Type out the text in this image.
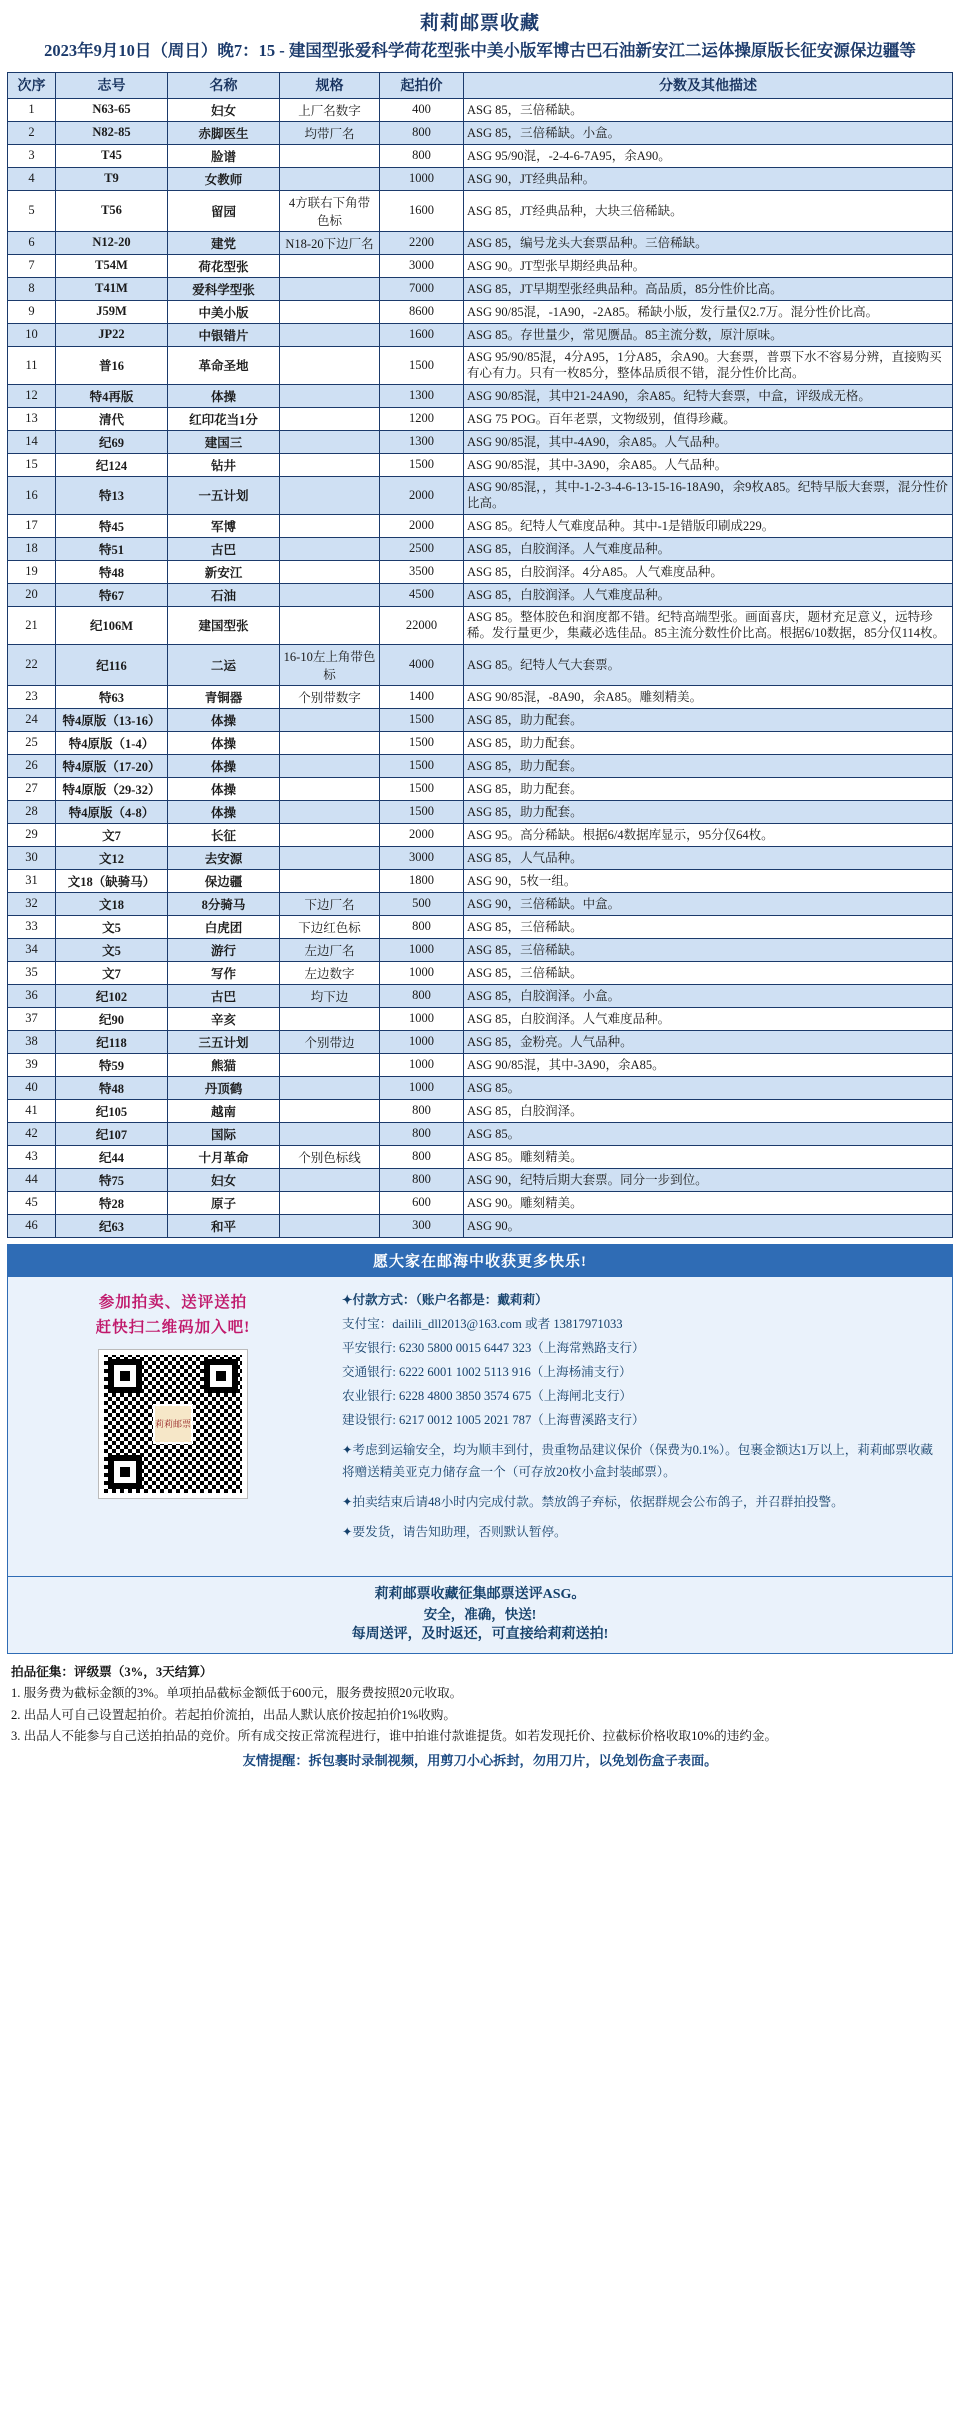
莉莉邮票收藏
2023年9月10日（周日）晚7：15 - 建国型张爱科学荷花型张中美小版军博古巴石油新安江二运体操原版长征安源保边疆等
次序	志号	名称	规格	起拍价	分数及其他描述
1	N63-65	妇女	上厂名数字	400	ASG 85，三倍稀缺。
2	N82-85	赤脚医生	均带厂名	800	ASG 85，三倍稀缺。小盒。
3	T45	脸谱		800	ASG 95/90混，-2-4-6-7A95，余A90。
4	T9	女教师		1000	ASG 90，JT经典品种。
5	T56	留园	4方联右下角带色标	1600	ASG 85，JT经典品种，大块三倍稀缺。
6	N12-20	建党	N18-20下边厂名	2200	ASG 85，编号龙头大套票品种。三倍稀缺。
7	T54M	荷花型张		3000	ASG 90。JT型张早期经典品种。
8	T41M	爱科学型张		7000	ASG 85，JT早期型张经典品种。高品质，85分性价比高。
9	J59M	中美小版		8600	ASG 90/85混，-1A90，-2A85。稀缺小版，发行量仅2.7万。混分性价比高。
10	JP22	中银错片		1600	ASG 85。存世量少，常见赝品。85主流分数，原汁原味。
11	普16	革命圣地		1500	ASG 95/90/85混，4分A95，1分A85，余A90。大套票，普票下水不容易分辨，直接购买有心有力。只有一枚85分，整体品质很不错，混分性价比高。
12	特4再版	体操		1300	ASG 90/85混，其中21-24A90，余A85。纪特大套票，中盒，评级成无格。
13	清代	红印花当1分		1200	ASG 75 POG。百年老票，文物级别，值得珍藏。
14	纪69	建国三		1300	ASG 90/85混，其中-4A90，余A85。人气品种。
15	纪124	钻井		1500	ASG 90/85混，其中-3A90，余A85。人气品种。
16	特13	一五计划		2000	ASG 90/85混，，其中-1-2-3-4-6-13-15-16-18A90，余9枚A85。纪特早版大套票，混分性价比高。
17	特45	军博		2000	ASG 85。纪特人气难度品种。其中-1是错版印刷成229。
18	特51	古巴		2500	ASG 85，白胶润泽。人气难度品种。
19	特48	新安江		3500	ASG 85，白胶润泽。4分A85。人气难度品种。
20	特67	石油		4500	ASG 85，白胶润泽。人气难度品种。
21	纪106M	建国型张		22000	ASG 85。整体胶色和润度都不错。纪特高端型张。画面喜庆，题材充足意义，远特珍稀。发行量更少，集藏必选佳品。85主流分数性价比高。根据6/10数据，85分仅114枚。
22	纪116	二运	16-10左上角带色标	4000	ASG 85。纪特人气大套票。
23	特63	青铜器	个别带数字	1400	ASG 90/85混，-8A90，余A85。雕刻精美。
24	特4原版（13-16）	体操		1500	ASG 85，助力配套。
25	特4原版（1-4）	体操		1500	ASG 85，助力配套。
26	特4原版（17-20）	体操		1500	ASG 85，助力配套。
27	特4原版（29-32）	体操		1500	ASG 85，助力配套。
28	特4原版（4-8）	体操		1500	ASG 85，助力配套。
29	文7	长征		2000	ASG 95。高分稀缺。根据6/4数据库显示，95分仅64枚。
30	文12	去安源		3000	ASG 85，人气品种。
31	文18（缺骑马）	保边疆		1800	ASG 90，5枚一组。
32	文18	8分骑马	下边厂名	500	ASG 90，三倍稀缺。中盒。
33	文5	白虎团	下边红色标	800	ASG 85，三倍稀缺。
34	文5	游行	左边厂名	1000	ASG 85，三倍稀缺。
35	文7	写作	左边数字	1000	ASG 85，三倍稀缺。
36	纪102	古巴	均下边	800	ASG 85，白胶润泽。小盒。
37	纪90	辛亥		1000	ASG 85，白胶润泽。人气难度品种。
38	纪118	三五计划	个别带边	1000	ASG 85，金粉亮。人气品种。
39	特59	熊猫		1000	ASG 90/85混，其中-3A90，余A85。
40	特48	丹顶鹤		1000	ASG 85。
41	纪105	越南		800	ASG 85，白胶润泽。
42	纪107	国际		800	ASG 85。
43	纪44	十月革命	个别色标线	800	ASG 85。雕刻精美。
44	特75	妇女		800	ASG 90，纪特后期大套票。同分一步到位。
45	特28	原子		600	ASG 90。雕刻精美。
46	纪63	和平		300	ASG 90。
愿大家在邮海中收获更多快乐!
参加拍卖、送评送拍
赶快扫二维码加入吧!
莉莉邮票

✦付款方式：（账户名都是：戴莉莉）

支付宝：dailili_dll2013@163.com 或者 13817971033

平安银行: 6230 5800 0015 6447 323（上海常熟路支行）

交通银行: 6222 6001 1002 5113 916（上海杨浦支行）

农业银行: 6228 4800 3850 3574 675（上海闸北支行）

建设银行: 6217 0012 1005 2021 787（上海曹溪路支行）

✦考虑到运输安全，均为顺丰到付，贵重物品建议保价（保费为0.1%）。包裹金额达1万以上，莉莉邮票收藏将赠送精美亚克力储存盒一个（可存放20枚小盒封装邮票）。

✦拍卖结束后请48小时内完成付款。禁放鸽子弃标，依据群规会公布鸽子，并召群拍投警。

✦要发货，请告知助理，否则默认暂停。

莉莉邮票收藏征集邮票送评ASG。
安全，准确，快送!
每周送评，及时返还，可直接给莉莉送拍!

拍品征集：评级票（3%，3天结算）

1. 服务费为截标金额的3%。单项拍品截标金额低于600元，服务费按照20元收取。

2. 出品人可自己设置起拍价。若起拍价流拍，出品人默认底价按起拍价1%收购。

3. 出品人不能参与自己送拍拍品的竞价。所有成交按正常流程进行，谁中拍谁付款谁提货。如若发现托价、拉截标价格收取10%的违约金。

友情提醒：拆包裹时录制视频，用剪刀小心拆封，勿用刀片，以免划伤盒子表面。
